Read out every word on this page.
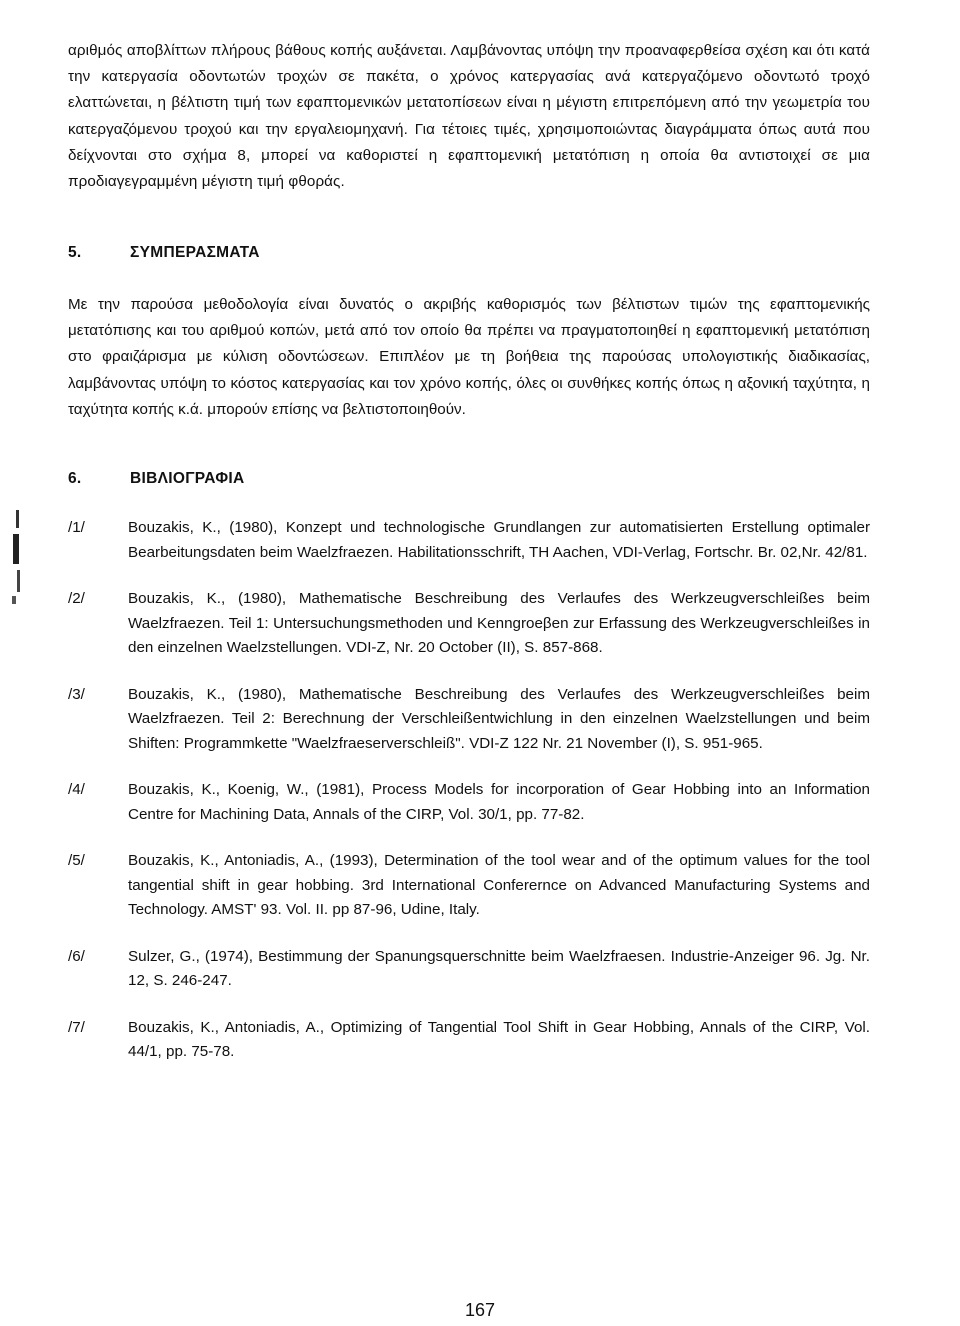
αριθμός αποβλίττων πλήρους βάθους κοπής αυξάνεται. Λαμβάνοντας υπόψη την προαναφερθείσα σχέση και ότι κατά την κατεργασία οδοντωτών τροχών σε πακέτα, ο χρόνος κατεργασίας ανά κατεργαζόμενο οδοντωτό τροχό ελαττώνεται, η βέλτιστη τιμή των εφαπτομενικών μετατοπίσεων είναι η μέγιστη επιτρεπόμενη από την γεωμετρία του κατεργαζόμενου τροχού και την εργαλειομηχανή. Για τέτοιες τιμές, χρησιμοποιώντας διαγράμματα όπως αυτά που δείχνονται στο σχήμα 8, μπορεί να καθοριστεί η εφαπτομενική μετατόπιση η οποία θα αντιστοιχεί σε μια προδιαγεγραμμένη μέγιστη τιμή φθοράς.
5.	ΣΥΜΠΕΡΑΣΜΑΤΑ
Με την παρούσα μεθοδολογία είναι δυνατός ο ακριβής καθορισμός των βέλτιστων τιμών της εφαπτομενικής μετατόπισης και του αριθμού κοπών, μετά από τον οποίο θα πρέπει να πραγματοποιηθεί η εφαπτομενική μετατόπιση στο φραιζάρισμα με κύλιση οδοντώσεων. Επιπλέον με τη βοήθεια της παρούσας υπολογιστικής διαδικασίας, λαμβάνοντας υπόψη το κόστος κατεργασίας και τον χρόνο κοπής, όλες οι συνθήκες κοπής όπως η αξονική ταχύτητα, η ταχύτητα κοπής κ.ά. μπορούν επίσης να βελτιστοποιηθούν.
6.	ΒΙΒΛΙΟΓΡΑΦΙΑ
/1/	Bouzakis, K., (1980), Konzept und technologische Grundlangen zur automatisierten Erstellung optimaler Bearbeitungsdaten beim Waelzfraezen. Habilitationsschrift, TH Aachen, VDI-Verlag, Fortschr. Br. 02,Nr. 42/81.
/2/	Bouzakis, K., (1980), Mathematische Beschreibung des Verlaufes des Werkzeugverschleißes beim Waelzfraezen. Teil 1: Untersuchungsmethoden und Kenngroeβen zur Erfassung des Werkzeugverschleißes in den einzelnen Waelzstellungen. VDI-Z, Nr. 20 October (II), S. 857-868.
/3/	Bouzakis, K., (1980), Mathematische Beschreibung des Verlaufes des Werkzeugverschleißes beim Waelzfraezen. Teil 2: Berechnung der Verschleißentwichlung in den einzelnen Waelzstellungen und beim Shiften: Programmkette "Waelzfraeserverschleiß". VDI-Z 122 Nr. 21 November (I), S. 951-965.
/4/	Bouzakis, K., Koenig, W., (1981), Process Models for incorporation of Gear Hobbing into an Information Centre for Machining Data, Annals of the CIRP, Vol. 30/1, pp. 77-82.
/5/	Bouzakis, K., Antoniadis, A., (1993), Determination of the tool wear and of the optimum values for the tool tangential shift in gear hobbing. 3rd International Conferernce on Advanced Manufacturing Systems and Technology. AMST' 93. Vol. II. pp 87-96, Udine, Italy.
/6/	Sulzer, G., (1974), Bestimmung der Spanungsquerschnitte beim Waelzfraesen. Industrie-Anzeiger 96. Jg. Nr. 12, S. 246-247.
/7/	Bouzakis, K., Antoniadis, A., Optimizing of Tangential Tool Shift in Gear Hobbing, Annals of the CIRP, Vol. 44/1, pp. 75-78.
167
